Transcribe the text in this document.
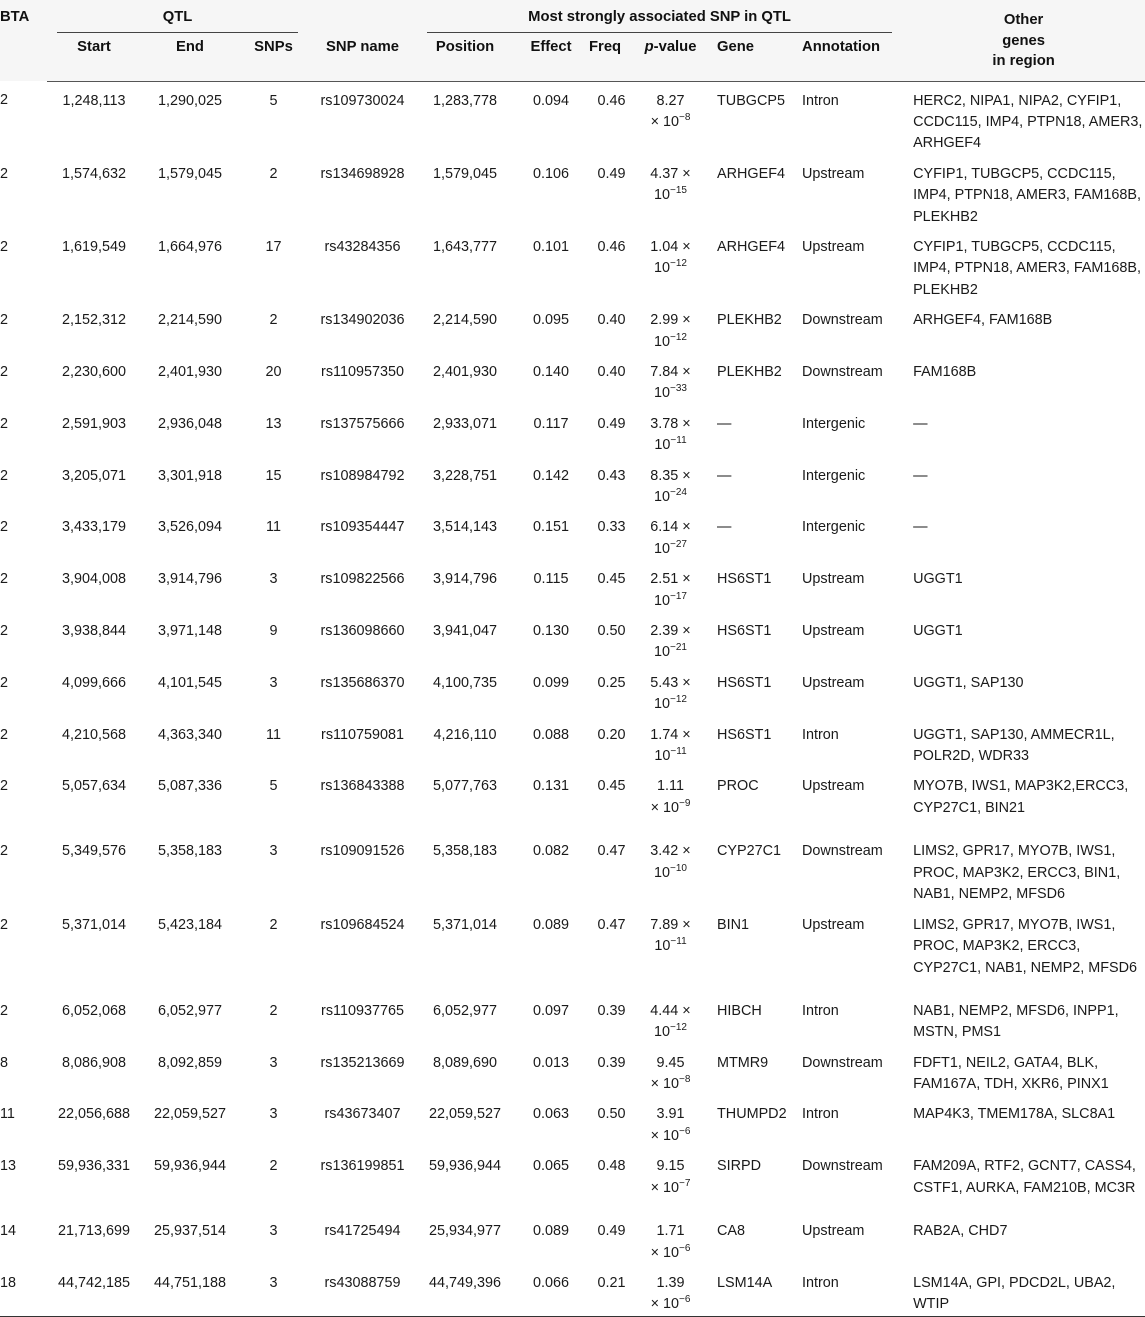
BTA	QTL				Most strongly associated SNP in QTL						Other
genes
in region
	Start	End	SNPs	SNP name	Position	Effect	Freq	p-value	Gene	Annotation	
2	1,248,113	1,290,025	5	rs109730024	1,283,778	0.094	0.46	8.27
× $10^{-8}$	TUBGCP5	Intron	HERC2, NIPA1, NIPA2, CYFIP1, CCDC115, IMP4, PTPN18, AMER3, ARHGEF4
2	1,574,632	1,579,045	2	rs134698928	1,579,045	0.106	0.49	4.37 ×
$10^{-15}$	ARHGEF4	Upstream	CYFIP1, TUBGCP5, CCDC115, IMP4, PTPN18, AMER3, FAM168B, PLEKHB2
2	1,619,549	1,664,976	17	rs43284356	1,643,777	0.101	0.46	1.04 ×
$10^{-12}$	ARHGEF4	Upstream	CYFIP1, TUBGCP5, CCDC115, IMP4, PTPN18, AMER3, FAM168B, PLEKHB2
2	2,152,312	2,214,590	2	rs134902036	2,214,590	0.095	0.40	2.99 ×
$10^{-12}$	PLEKHB2	Downstream	ARHGEF4, FAM168B
2	2,230,600	2,401,930	20	rs110957350	2,401,930	0.140	0.40	7.84 ×
$10^{-33}$	PLEKHB2	Downstream	FAM168B
2	2,591,903	2,936,048	13	rs137575666	2,933,071	0.117	0.49	3.78 ×
$10^{-11}$	—	Intergenic	—
2	3,205,071	3,301,918	15	rs108984792	3,228,751	0.142	0.43	8.35 ×
$10^{-24}$	—	Intergenic	—
2	3,433,179	3,526,094	11	rs109354447	3,514,143	0.151	0.33	6.14 ×
$10^{-27}$	—	Intergenic	—
2	3,904,008	3,914,796	3	rs109822566	3,914,796	0.115	0.45	2.51 ×
$10^{-17}$	HS6ST1	Upstream	UGGT1
2	3,938,844	3,971,148	9	rs136098660	3,941,047	0.130	0.50	2.39 ×
$10^{-21}$	HS6ST1	Upstream	UGGT1
2	4,099,666	4,101,545	3	rs135686370	4,100,735	0.099	0.25	5.43 ×
$10^{-12}$	HS6ST1	Upstream	UGGT1, SAP130
2	4,210,568	4,363,340	11	rs110759081	4,216,110	0.088	0.20	1.74 ×
$10^{-11}$	HS6ST1	Intron	UGGT1, SAP130, AMMECR1L, POLR2D, WDR33
2	5,057,634	5,087,336	5	rs136843388	5,077,763	0.131	0.45	1.11
× $10^{-9}$	PROC	Upstream	MYO7B, IWS1, MAP3K2,ERCC3, CYP27C1, BIN21
2	5,349,576	5,358,183	3	rs109091526	5,358,183	0.082	0.47	3.42 ×
$10^{-10}$	CYP27C1	Downstream	LIMS2, GPR17, MYO7B, IWS1, PROC, MAP3K2, ERCC3, BIN1, NAB1, NEMP2, MFSD6
2	5,371,014	5,423,184	2	rs109684524	5,371,014	0.089	0.47	7.89 ×
$10^{-11}$	BIN1	Upstream	LIMS2, GPR17, MYO7B, IWS1, PROC, MAP3K2, ERCC3, CYP27C1, NAB1, NEMP2, MFSD6
2	6,052,068	6,052,977	2	rs110937765	6,052,977	0.097	0.39	4.44 ×
$10^{-12}$	HIBCH	Intron	NAB1, NEMP2, MFSD6, INPP1, MSTN, PMS1
8	8,086,908	8,092,859	3	rs135213669	8,089,690	0.013	0.39	9.45
× $10^{-8}$	MTMR9	Downstream	FDFT1, NEIL2, GATA4, BLK, FAM167A, TDH, XKR6, PINX1
11	22,056,688	22,059,527	3	rs43673407	22,059,527	0.063	0.50	3.91
× $10^{-6}$	THUMPD2	Intron	MAP4K3, TMEM178A, SLC8A1
13	59,936,331	59,936,944	2	rs136199851	59,936,944	0.065	0.48	9.15
× $10^{-7}$	SIRPD	Downstream	FAM209A, RTF2, GCNT7, CASS4, CSTF1, AURKA, FAM210B, MC3R
14	21,713,699	25,937,514	3	rs41725494	25,934,977	0.089	0.49	1.71
× $10^{-6}$	CA8	Upstream	RAB2A, CHD7
18	44,742,185	44,751,188	3	rs43088759	44,749,396	0.066	0.21	1.39
× $10^{-6}$	LSM14A	Intron	LSM14A, GPI, PDCD2L, UBA2, WTIP
